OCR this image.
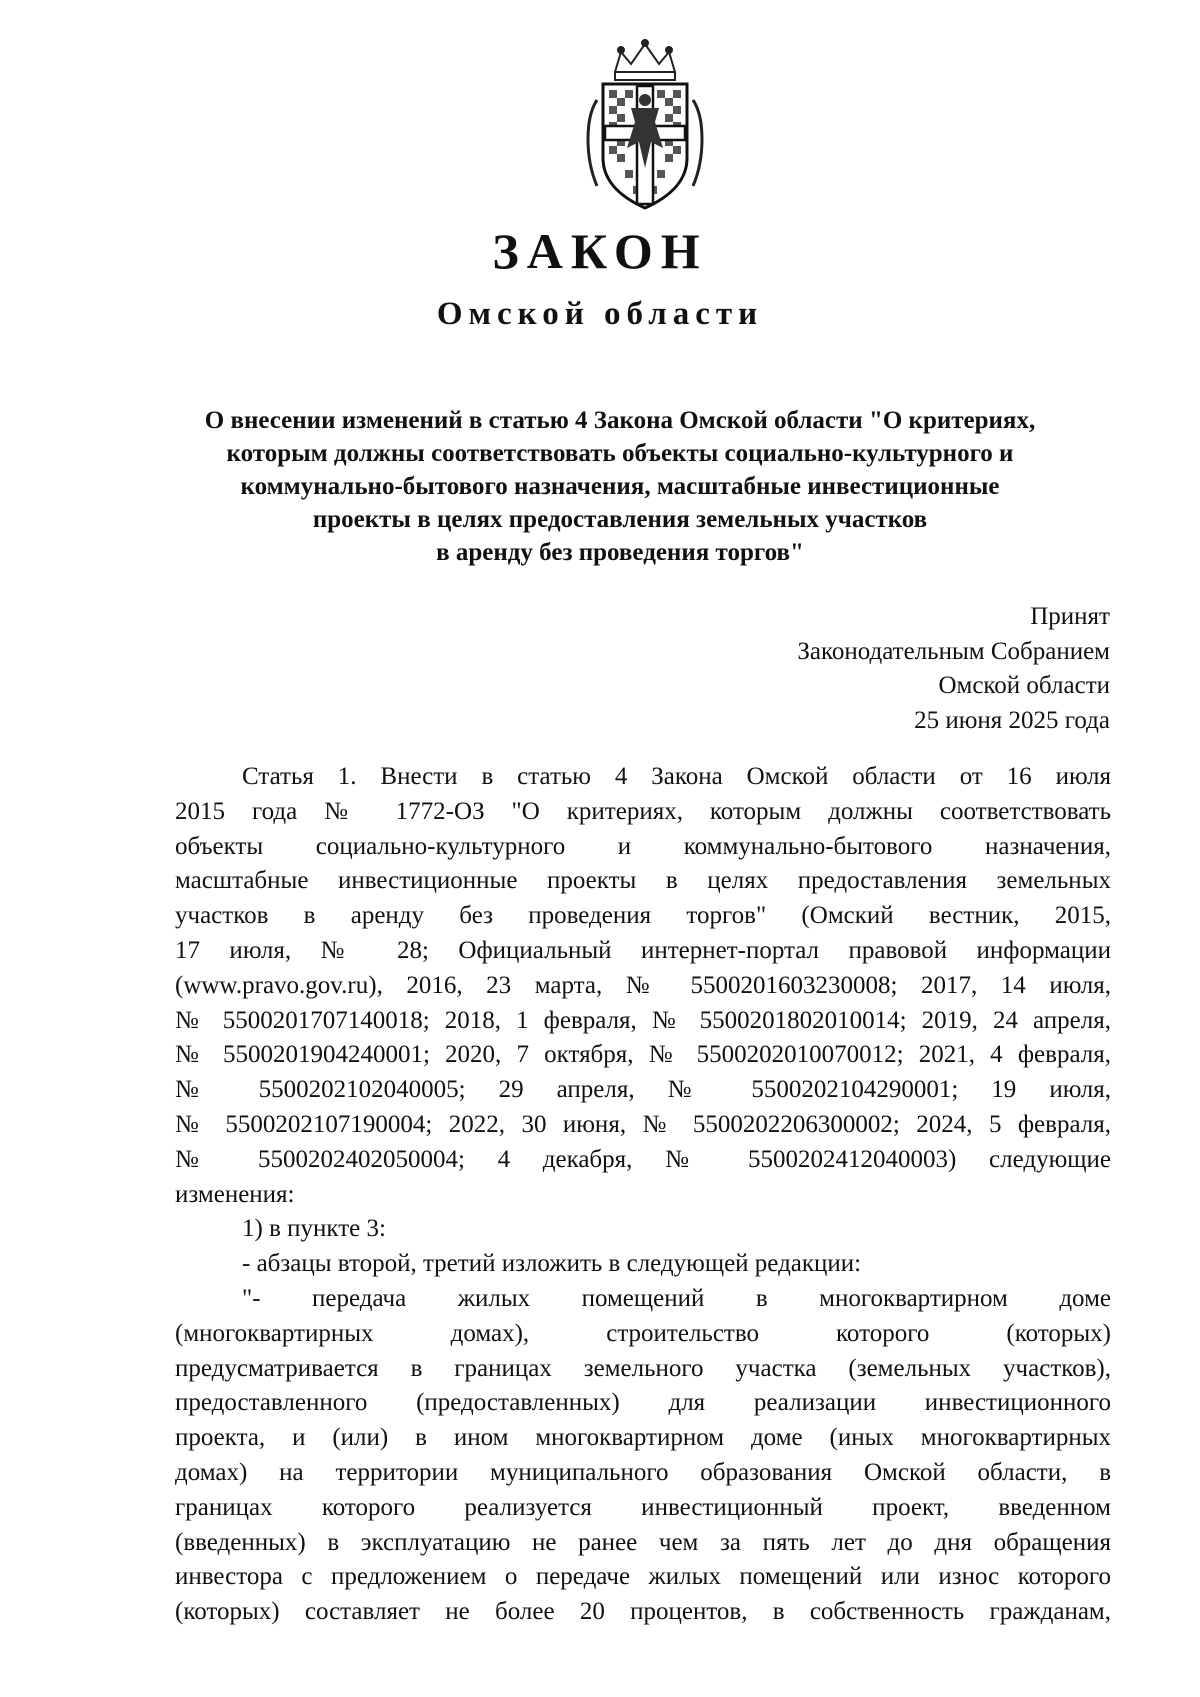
ЗАКОН
Омской области
О внесении изменений в статью 4 Закона Омской области "О критериях,
которым должны соответствовать объекты социально-культурного и
коммунально-бытового назначения, масштабные инвестиционные
проекты в целях предоставления земельных участков
в аренду без проведения торгов"
Принят
Законодательным Собранием
Омской области
25 июня 2025 года
Статья 1. Внести в статью 4 Закона Омской области от 16 июля
2015 года № 1772-ОЗ "О критериях, которым должны соответствовать
объекты социально-культурного и коммунально-бытового назначения,
масштабные инвестиционные проекты в целях предоставления земельных
участков в аренду без проведения торгов" (Омский вестник, 2015,
17 июля, № 28; Официальный интернет-портал правовой информации
(www.pravo.gov.ru), 2016, 23 марта, № 5500201603230008; 2017, 14 июля,
№ 5500201707140018; 2018, 1 февраля, № 5500201802010014; 2019, 24 апреля,
№ 5500201904240001; 2020, 7 октября, № 5500202010070012; 2021, 4 февраля,
№ 5500202102040005; 29 апреля, № 5500202104290001; 19 июля,
№ 5500202107190004; 2022, 30 июня, № 5500202206300002; 2024, 5 февраля,
№ 5500202402050004; 4 декабря, № 5500202412040003) следующие
изменения:
1) в пункте 3:
- абзацы второй, третий изложить в следующей редакции:
"- передача жилых помещений в многоквартирном доме
(многоквартирных домах), строительство которого (которых)
предусматривается в границах земельного участка (земельных участков),
предоставленного (предоставленных) для реализации инвестиционного
проекта, и (или) в ином многоквартирном доме (иных многоквартирных
домах) на территории муниципального образования Омской области, в
границах которого реализуется инвестиционный проект, введенном
(введенных) в эксплуатацию не ранее чем за пять лет до дня обращения
инвестора с предложением о передаче жилых помещений или износ которого
(которых) составляет не более 20 процентов, в собственность гражданам,
